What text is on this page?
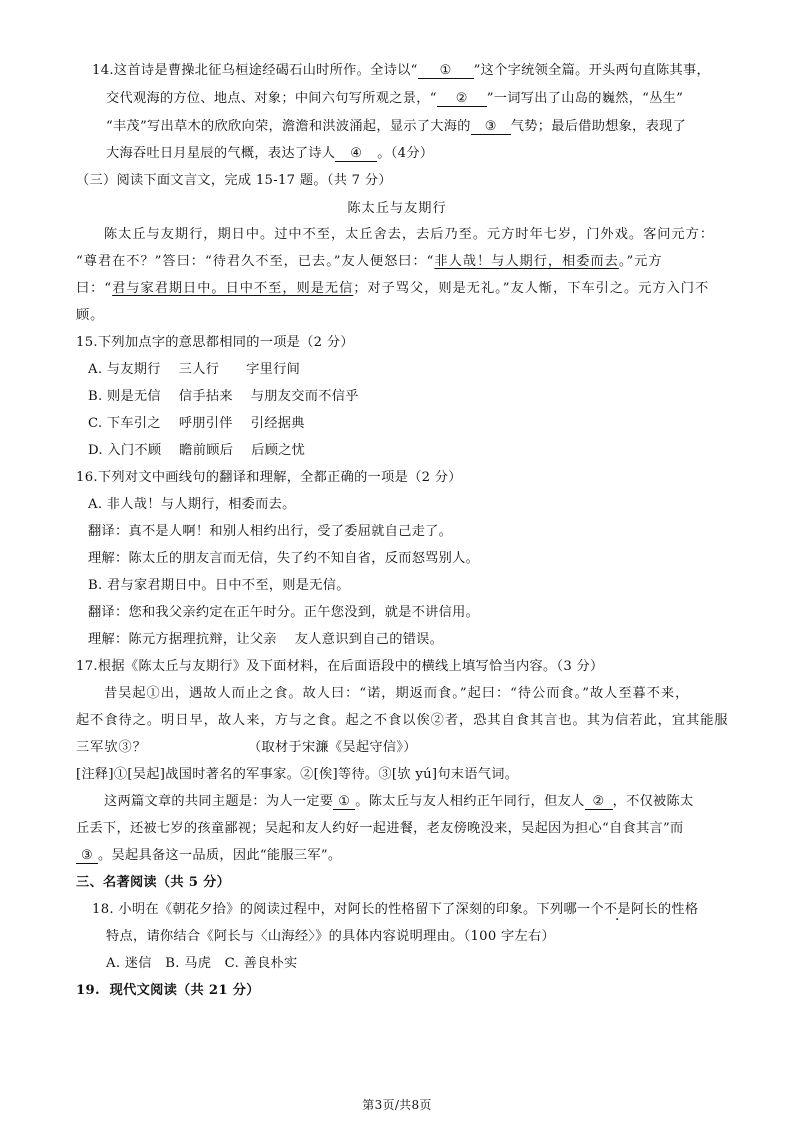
14.这首诗是曹操北征乌桓途经碣石山时所作。全诗以“ ① ”这个字统领全篇。开头两句直陈其事，
交代观海的方位、地点、对象；中间六句写所观之景，“ ② ”一词写出了山岛的巍然，“丛生”
“丰茂”写出草木的欣欣向荣，澹澹和洪波涌起，显示了大海的 ③ 气势；最后借助想象，表现了
大海吞吐日月星辰的气概，表达了诗人 ④ 。（4分）
（三）阅读下面文言文，完成 15-17 题。（共 7 分）
陈太丘与友期行
陈太丘与友期行，期日中。过中不至，太丘舍去，去后乃至。元方时年七岁，门外戏。客问元方：
“尊君在不？”答曰：“待君久不至，已去。”友人便怒曰：“非人哉！与人期行，相委而去。”元方
曰：“君与家君期日中。日中不至，则是无信；对子骂父，则是无礼。”友人惭，下车引之。元方入门不
顾。
15.下列加点字的意思都相同的一项是（2 分）
A. 与友期行    三人行      字里行间
B. 则是无信    信手拈来    与朋友交而不信乎
C. 下车引之    呼朋引伴    引经据典
D. 入门不顾    瞻前顾后    后顾之忧
16.下列对文中画线句的翻译和理解，全都正确的一项是（2 分）
A. 非人哉！与人期行，相委而去。
翻译：真不是人啊！和别人相约出行，受了委屈就自己走了。
理解：陈太丘的朋友言而无信，失了约不知自省，反而怒骂别人。
B. 君与家君期日中。日中不至，则是无信。
翻译：您和我父亲约定在正午时分。正午您没到，就是不讲信用。
理解：陈元方据理抗辩，让父亲    友人意识到自己的错误。
17.根据《陈太丘与友期行》及下面材料，在后面语段中的横线上填写恰当内容。（3 分）
昔吴起①出，遇故人而止之食。故人曰：“诺，期返而食。”起曰：“待公而食。”故人至暮不来，
起不食待之。明日早，故人来，方与之食。起之不食以俟②者，恐其自食其言也。其为信若此，宜其能服
三军欤③？	（取材于宋濂《吴起守信》）
[注释]①[吴起]战国时著名的军事家。②[俟]等待。③[欤 yú]句末语气词。
这两篇文章的共同主题是：为人一定要 ① 。陈太丘与友人相约正午同行，但友人 ② ，不仅被陈太
丘丢下，还被七岁的孩童鄙视；吴起和友人约好一起进餐，老友傍晚没来，吴起因为担心“自食其言”而
③ 。吴起具备这一品质，因此“能服三军”。
三、名著阅读（共 5 分）
18. 小明在《朝花夕拾》的阅读过程中，对阿长的性格留下了深刻的印象。下列哪一个不是阿长的性格
特点，请你结合《阿长与〈山海经〉》的具体内容说明理由。（100 字左右）
A. 迷信   B. 马虎   C. 善良朴实
19.  现代文阅读（共 21 分）
第3页/共8页
